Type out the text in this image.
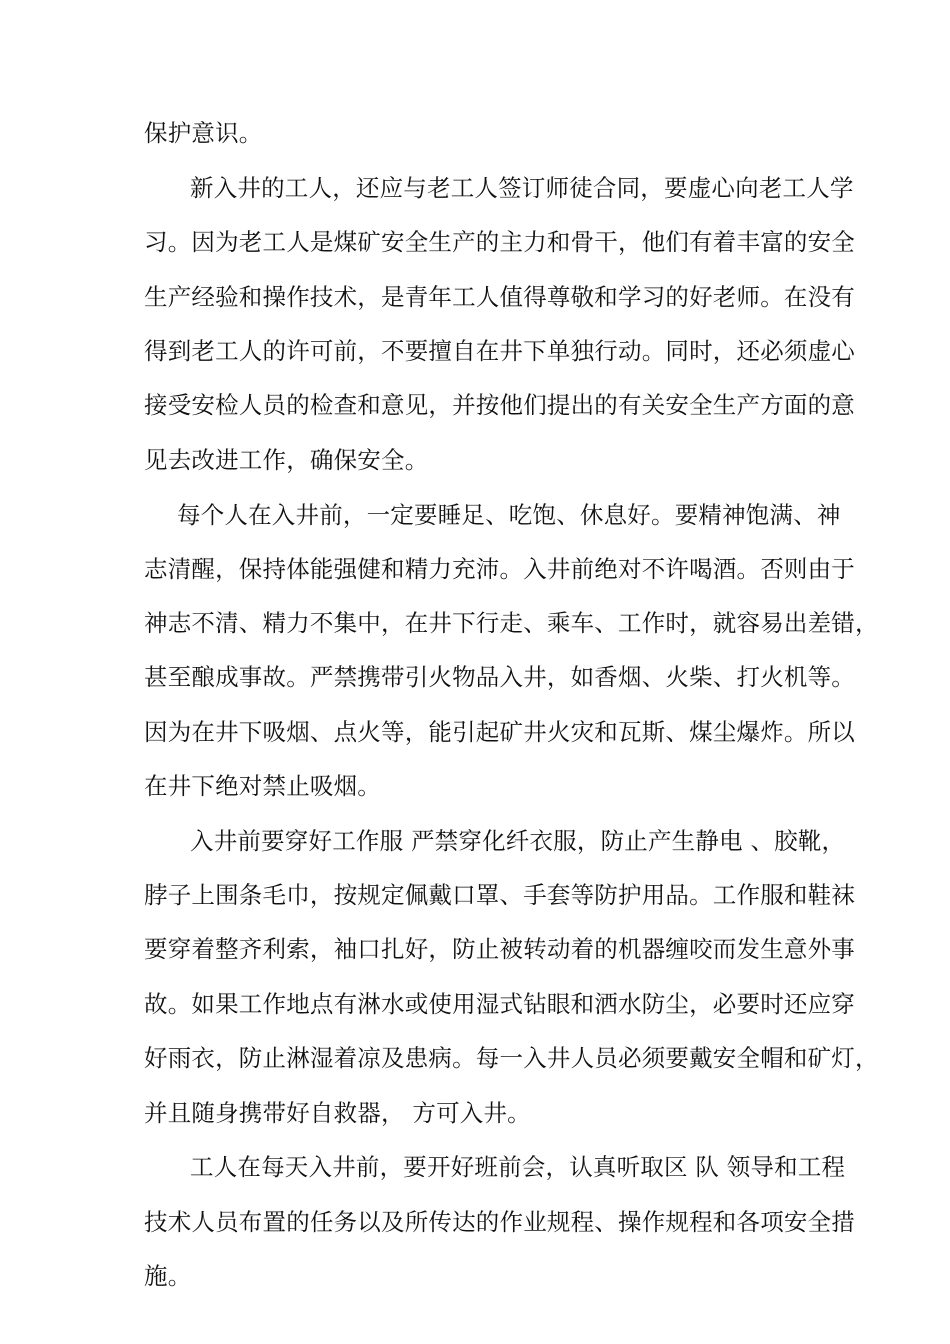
保护意识。
新入井的工人，还应与老工人签订师徒合同，要虚心向老工人学
习。因为老工人是煤矿安全生产的主力和骨干，他们有着丰富的安全
生产经验和操作技术，是青年工人值得尊敬和学习的好老师。在没有
得到老工人的许可前，不要擅自在井下单独行动。同时，还必须虚心
接受安检人员的检查和意见，并按他们提出的有关安全生产方面的意
见去改进工作，确保安全。
每个人在入井前，一定要睡足、吃饱、休息好。要精神饱满、神
志清醒，保持体能强健和精力充沛。入井前绝对不许喝酒。否则由于
神志不清、精力不集中，在井下行走、乘车、工作时，就容易出差错，
甚至酿成事故。严禁携带引火物品入井，如香烟、火柴、打火机等。
因为在井下吸烟、点火等，能引起矿井火灾和瓦斯、煤尘爆炸。所以
在井下绝对禁止吸烟。
入井前要穿好工作服 严禁穿化纤衣服，防止产生静电 、胶靴，
脖子上围条毛巾，按规定佩戴口罩、手套等防护用品。工作服和鞋袜
要穿着整齐利索，袖口扎好，防止被转动着的机器缠咬而发生意外事
故。如果工作地点有淋水或使用湿式钻眼和洒水防尘，必要时还应穿
好雨衣，防止淋湿着凉及患病。每一入井人员必须要戴安全帽和矿灯，
并且随身携带好自救器， 方可入井。
工人在每天入井前，要开好班前会，认真听取区 队 领导和工程
技术人员布置的任务以及所传达的作业规程、操作规程和各项安全措
施。
